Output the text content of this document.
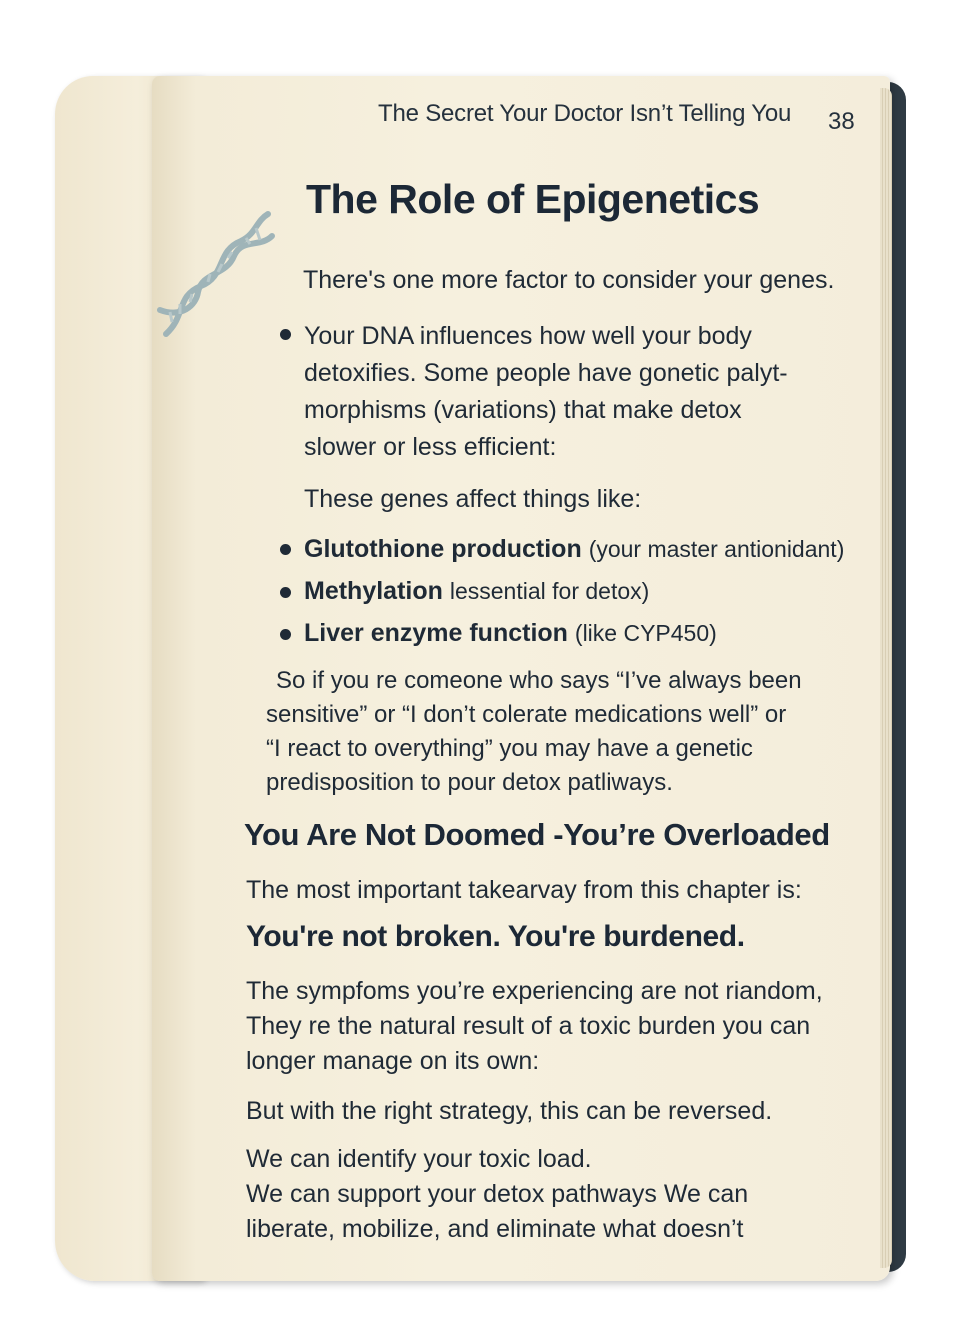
The Secret Your Doctor Isn’t Telling You 38
The Role of Epigenetics

There's one more factor to consider your genes.

Your DNA influences how well your body
detoxifies. Some people have gonetic palyt-
morphisms (variations) that make detox
slower or less efficient:

These genes affect things like:

Glutothione production (your master antionidant)
Methylation lessential for detox)
Liver enzyme function (like CYP450)
So if you re comeone who says “I’ve always been
sensitive” or “I don’t colerate medications well” or
“I react to overything” you may have a genetic
predisposition to pour detox patliways.
You Are Not Doomed -You’re Overloaded
The most important takearvay from this chapter is:
You're not broken. You're burdened.
The sympfoms you’re experiencing are not riandom,
They re the natural result of a toxic burden you can
longer manage on its own:
But with the right strategy, this can be reversed.
We can identify your toxic load.
We can support your detox pathways We can
liberate, mobilize, and eliminate what doesn’t
